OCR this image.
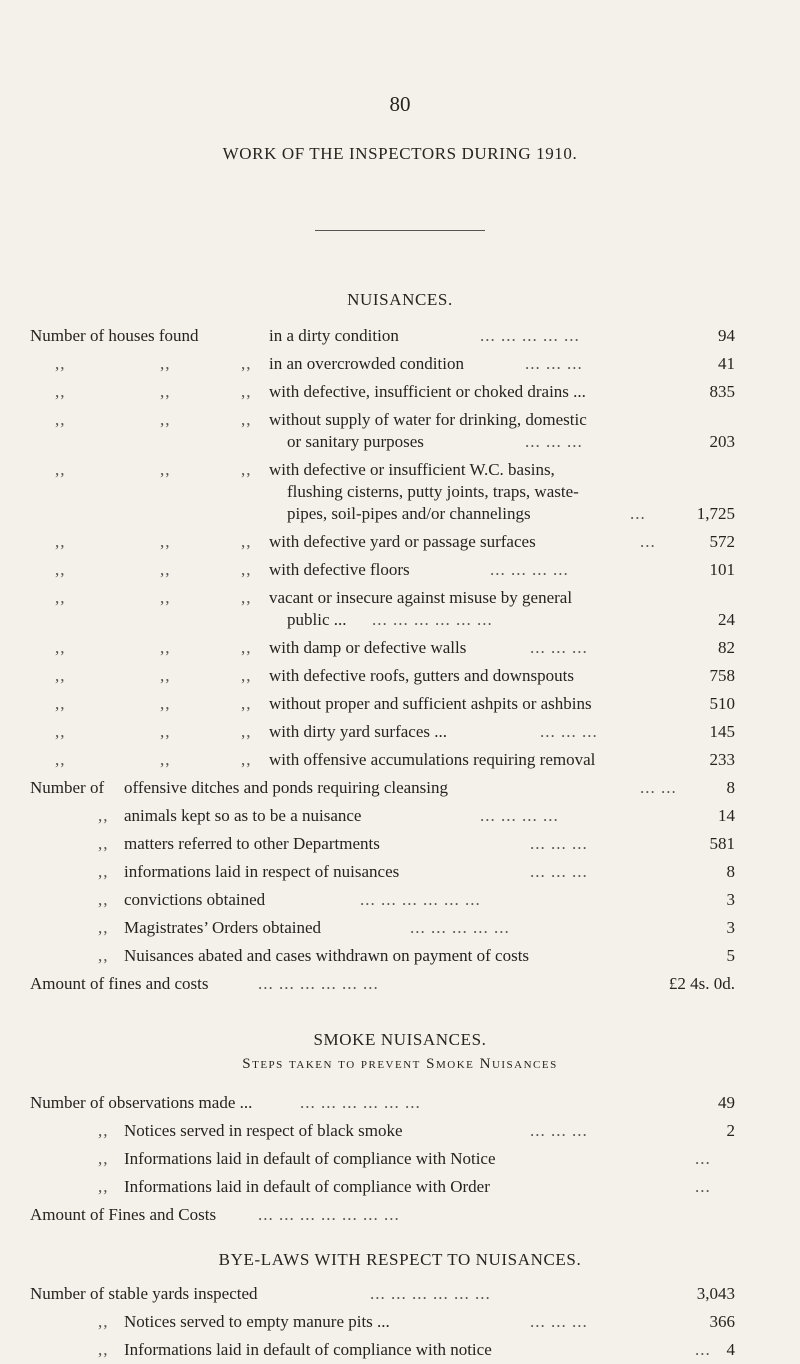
80
WORK OF THE INSPECTORS DURING 1910.
NUISANCES.
Number of houses found	in a dirty condition	... ... ... ... ...	94
,,	,,	,, in an overcrowded condition	... ... ...	41
,,	,,	,, with defective, insufficient or choked drains ...	835
,,	,,	,, without supply of water for drinking, domestic
or sanitary purposes	... ... ...	203
,,	,,	,, with defective or insufficient W.C. basins,
flushing cisterns, putty joints, traps, waste-
pipes, soil-pipes and/or channelings	...	1,725
,,	,,	,, with defective yard or passage surfaces	...	572
,,	,,	,, with defective floors	... ... ... ...	101
,,	,,	,, vacant or insecure against misuse by general
public ... ... ... ... ... ... ...	24
,,	,,	,, with damp or defective walls	... ... ...	82
,,	,,	,, with defective roofs, gutters and downspouts	758
,,	,,	,, without proper and sufficient ashpits or ashbins	510
,,	,,	,, with dirty yard surfaces ...	... ... ...	145
,,	,,	,, with offensive accumulations requiring removal	233
Number of offensive ditches and ponds requiring cleansing	... ...	8
,, animals kept so as to be a nuisance	... ... ... ...	14
,, matters referred to other Departments	... ... ...	581
,, informations laid in respect of nuisances	... ... ...	8
,, convictions obtained	... ... ... ... ... ...	3
,, Magistrates’ Orders obtained	... ... ... ... ...	3
,, Nuisances abated and cases withdrawn on payment of costs	5
Amount of fines and costs	... ... ... ... ... ...	£2 4s. 0d.
SMOKE NUISANCES.
Steps taken to prevent Smoke Nuisances
Number of observations made ...	... ... ... ... ... ...	49
,, Notices served in respect of black smoke	... ... ...	2
,, Informations laid in default of compliance with Notice	...
,, Informations laid in default of compliance with Order	...
Amount of Fines and Costs ... ... ... ... ... ... ...
BYE-LAWS WITH RESPECT TO NUISANCES.
Number of stable yards inspected	... ... ... ... ... ...	3,043
,, Notices served to empty manure pits ...	... ... ...	366
,, Informations laid in default of compliance with notice	... 4
